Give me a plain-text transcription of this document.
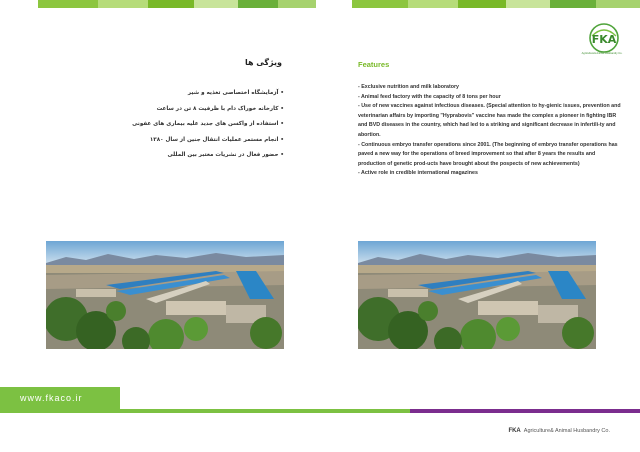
ویژگی ها
• آزمایشگاه اختصاصی تغذیه و شیر
• کارخانه خوراک دام با ظرفیت ۸ تن در ساعت
• استفاده از واکسن های جدید علیه بیماری های عفونی
• انجام مستمر عملیات انتقال جنین از سال ۱۳۸۰
• حضور فعال در نشریات معتبر بین المللی
www.fkaco.ir
FKA
Agriculture& Animal Husbandry Co.
Features
- Exclusive nutrition and milk laboratory
- Animal feed factory with the capacity of 8 tons per hour
- Use of new vaccines against infectious diseases. (Special attention to hy-gienic issues, prevention and veterinarian affairs by importing "Hyprabovis" vaccine has made the complex a pioneer in fighting IBR and BVD diseases in the country, which had led to a striking and significant decrease in infertili-ty and abortion.
- Continuous embryo transfer operations since 2001. (The beginning of embryo transfer operations has paved a new way for the operations of breed improvement so that after 8 years the results and production of genetic prod-ucts have brought about the pospects of new achievements)
- Active role in credible international magazines
FKA Agriculture& Animal Husbandry Co.
